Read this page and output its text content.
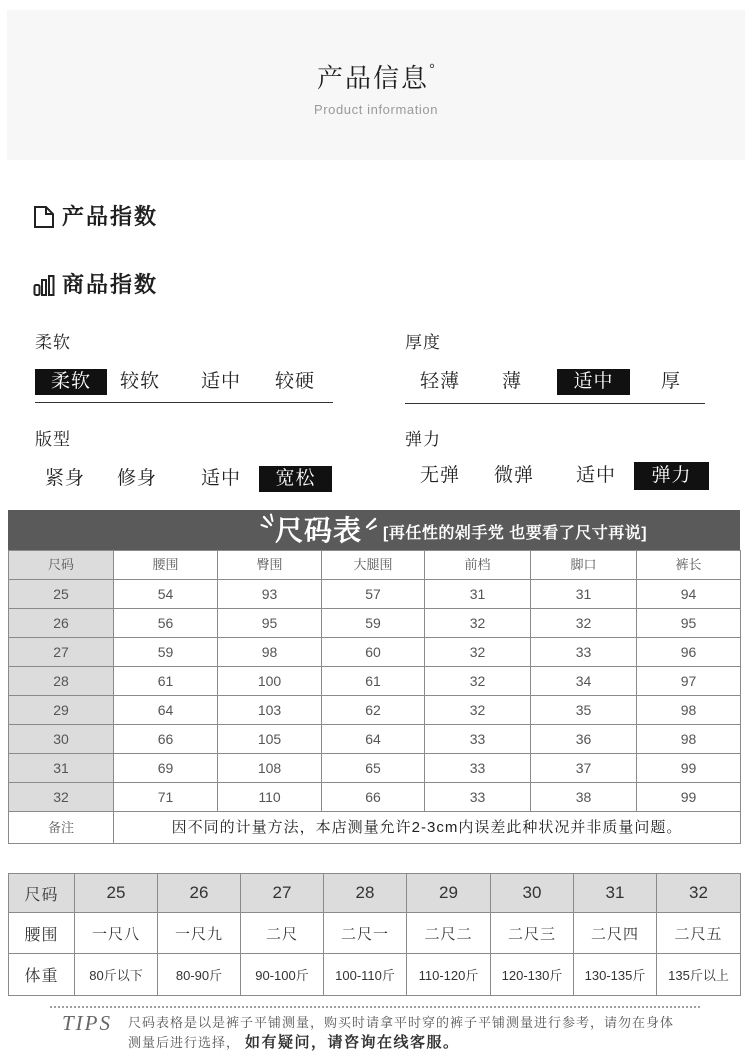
产品信息°
Product information
产品指数
商品指数
柔软
柔软	较软	适中	较硬
厚度
轻薄	薄	适中	厚
版型
紧身	修身	适中	宽松
弹力
无弹	微弹	适中	弹力
尺码表 [再任性的剁手党 也要看了尺寸再说]
尺码	腰围	臀围	大腿围	前档	脚口	裤长
25	54	93	57	31	31	94
26	56	95	59	32	32	95
27	59	98	60	32	33	96
28	61	100	61	32	34	97
29	64	103	62	32	35	98
30	66	105	64	33	36	98
31	69	108	65	33	37	99
32	71	110	66	33	38	99
备注	因不同的计量方法，本店测量允许2-3cm内误差此种状况并非质量问题。					
尺码	25	26	27	28	29	30	31	32
腰围	一尺八	一尺九	二尺	二尺一	二尺二	二尺三	二尺四	二尺五
体重	80斤以下	80-90斤	90-100斤	100-110斤	110-120斤	120-130斤	130-135斤	135斤以上
TIPS 尺码表格是以是裤子平铺测量，购买时请拿平时穿的裤子平铺测量进行参考，请勿在身体
测量后进行选择， 如有疑问，请咨询在线客服。
